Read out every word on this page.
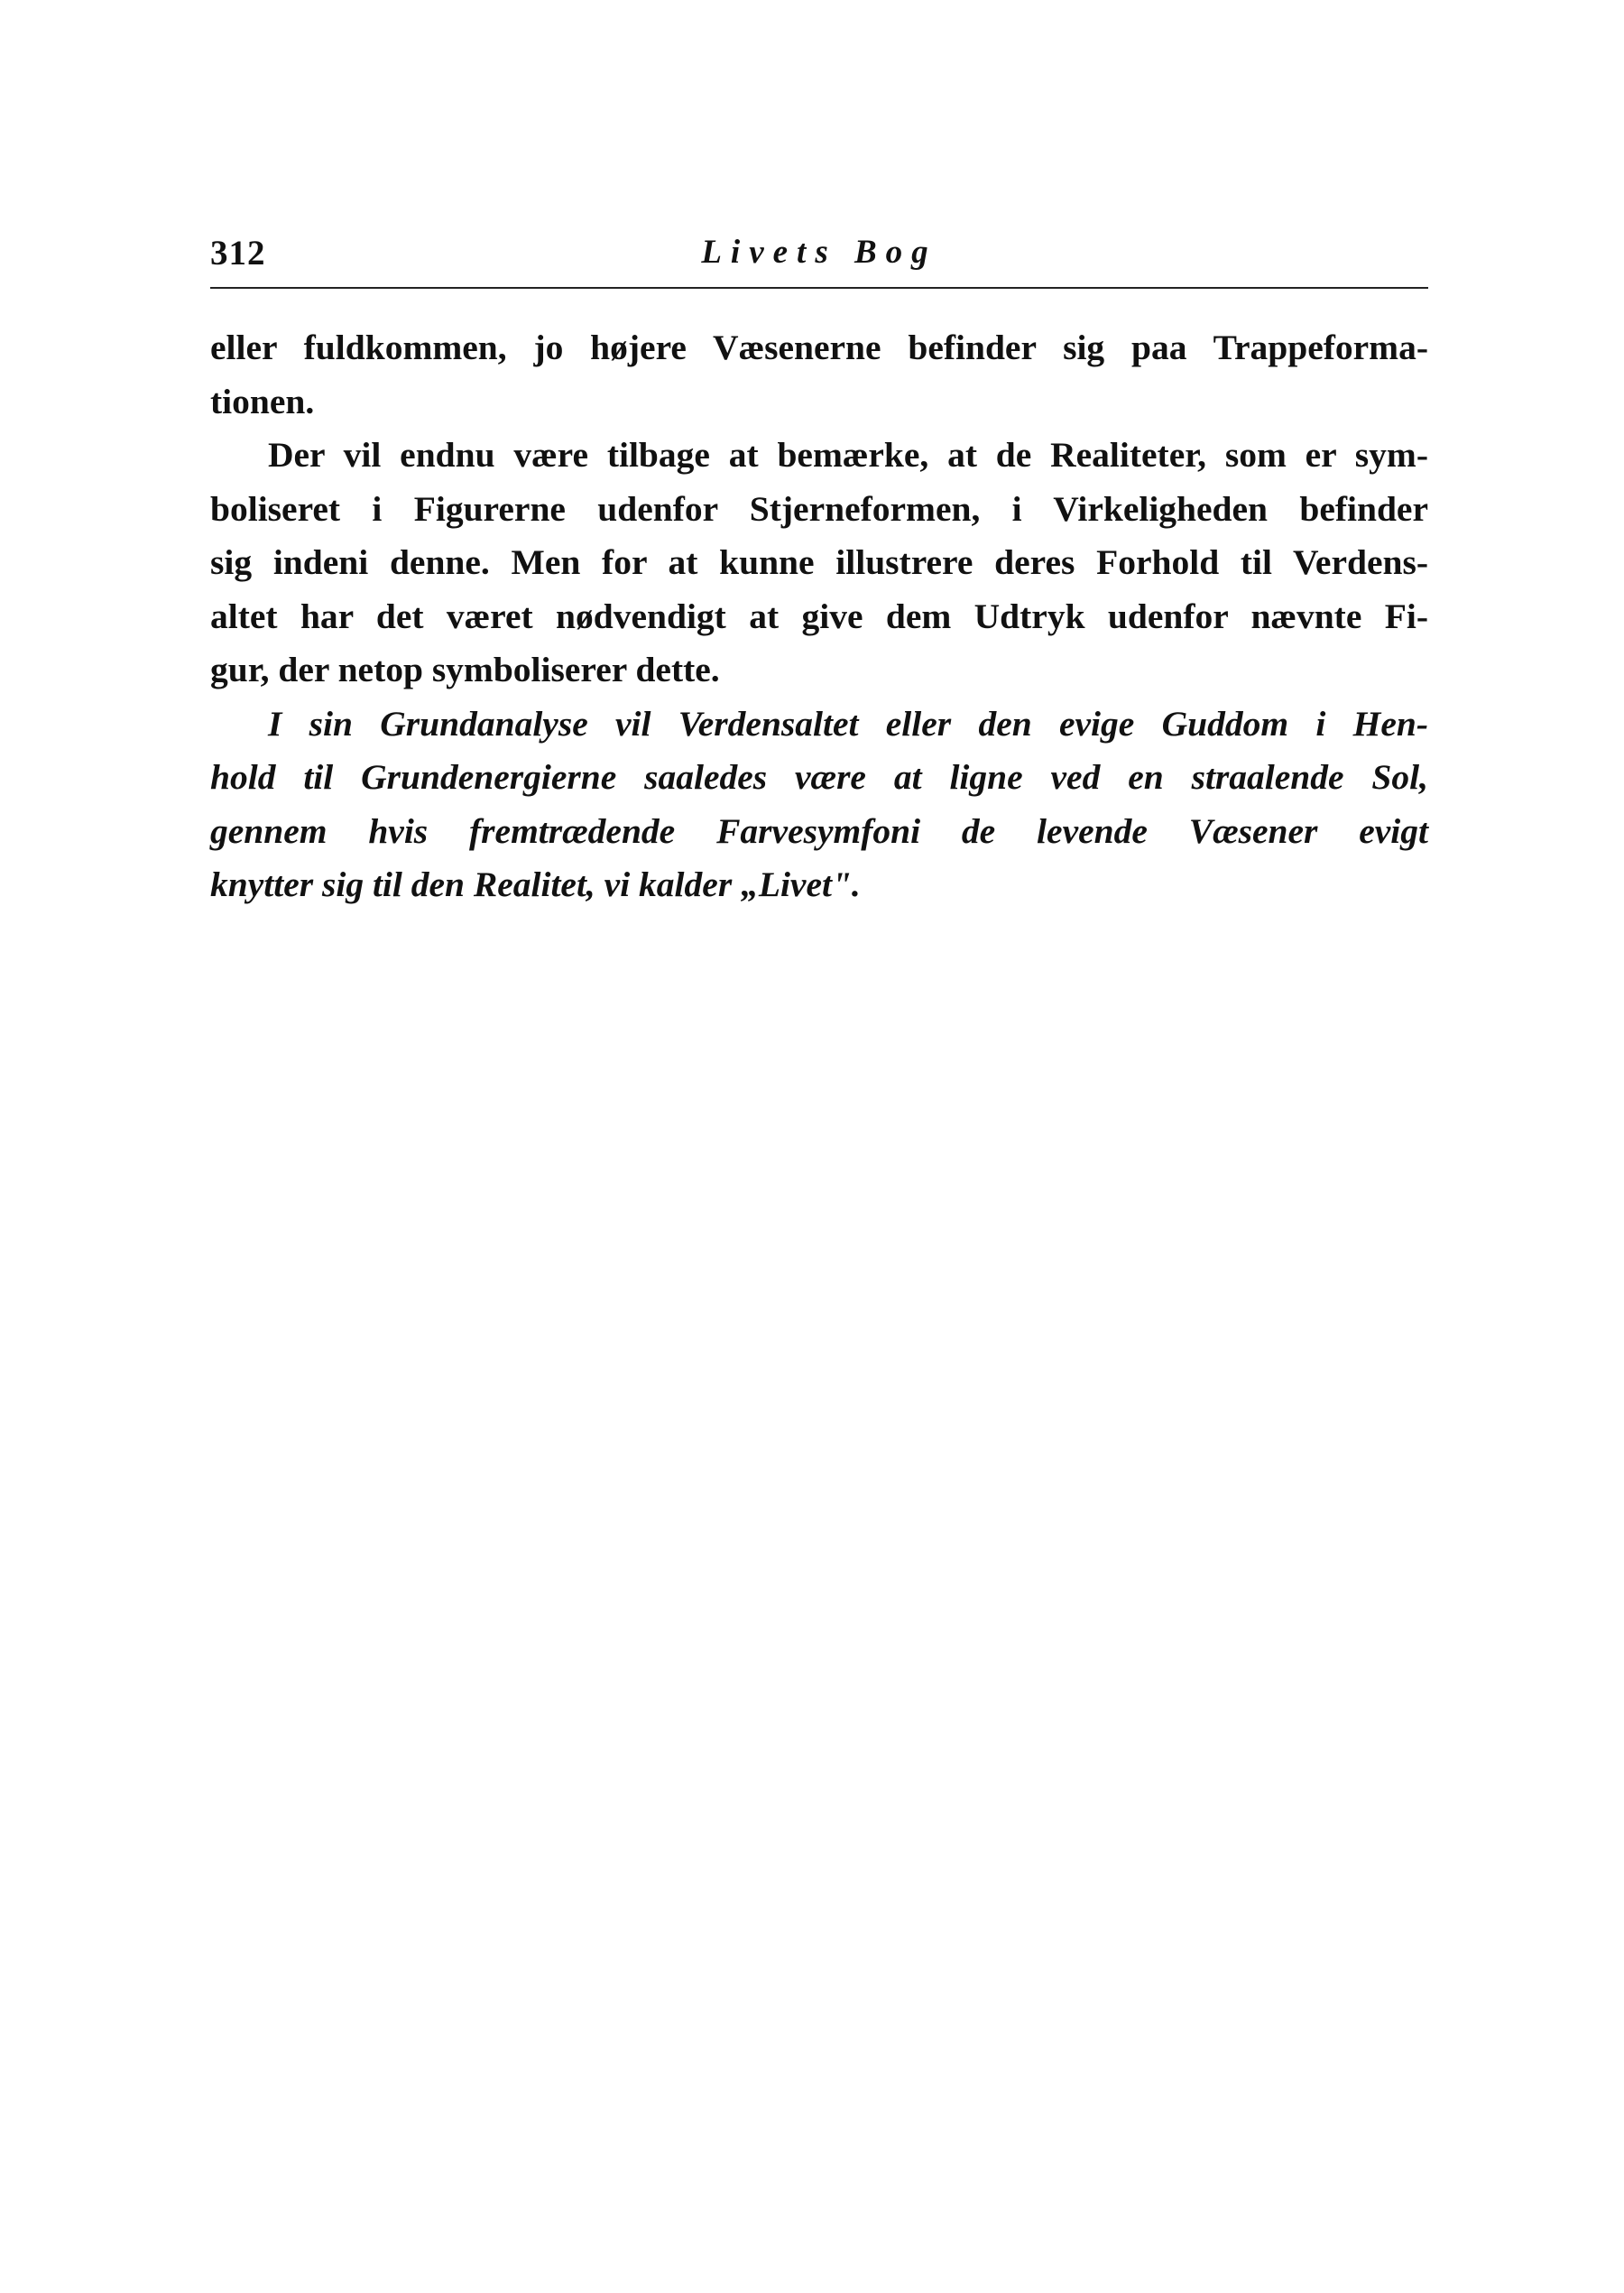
312	Livets Bog
eller fuldkommen, jo højere Væsenerne befinder sig paa Trappeforma-
tionen.
Der vil endnu være tilbage at bemærke, at de Realiteter, som er sym-
boliseret i Figurerne udenfor Stjerneformen, i Virkeligheden befinder
sig indeni denne. Men for at kunne illustrere deres Forhold til Verdens-
altet har det været nødvendigt at give dem Udtryk udenfor nævnte Fi-
gur, der netop symboliserer dette.
I sin Grundanalyse vil Verdensaltet eller den evige Guddom i Hen-
hold til Grundenergierne saaledes være at ligne ved en straalende Sol,
gennem hvis fremtrædende Farvesymfoni de levende Væsener evigt
knytter sig til den Realitet, vi kalder „Livet".
